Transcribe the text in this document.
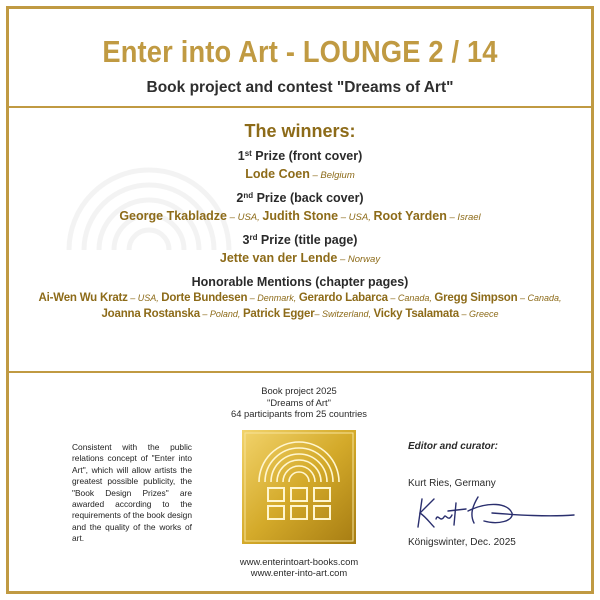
Enter into Art - LOUNGE 2 / 14
Book project and contest "Dreams of Art"
The winners:
1st Prize (front cover)
Lode Coen – Belgium
2nd Prize (back cover)
George Tkabladze – USA, Judith Stone – USA, Root Yarden – Israel
3rd Prize (title page)
Jette van der Lende – Norway
Honorable Mentions (chapter pages)
Ai-Wen Wu Kratz – USA, Dorte Bundesen – Denmark, Gerardo Labarca – Canada, Gregg Simpson – Canada,
Joanna Rostanska – Poland, Patrick Egger– Switzerland, Vicky Tsalamata – Greece
Consistent with the public relations concept of "Enter into Art", which will allow artists the greatest possible publicity, the "Book Design Prizes" are awarded according to the requirements of the book design and the quality of the works of art.
Book project 2025
"Dreams of Art"
64 participants from 25 countries
www.enterintoart-books.com
www.enter-into-art.com
Editor and curator:
Kurt Ries, Germany
Königswinter, Dec. 2025
